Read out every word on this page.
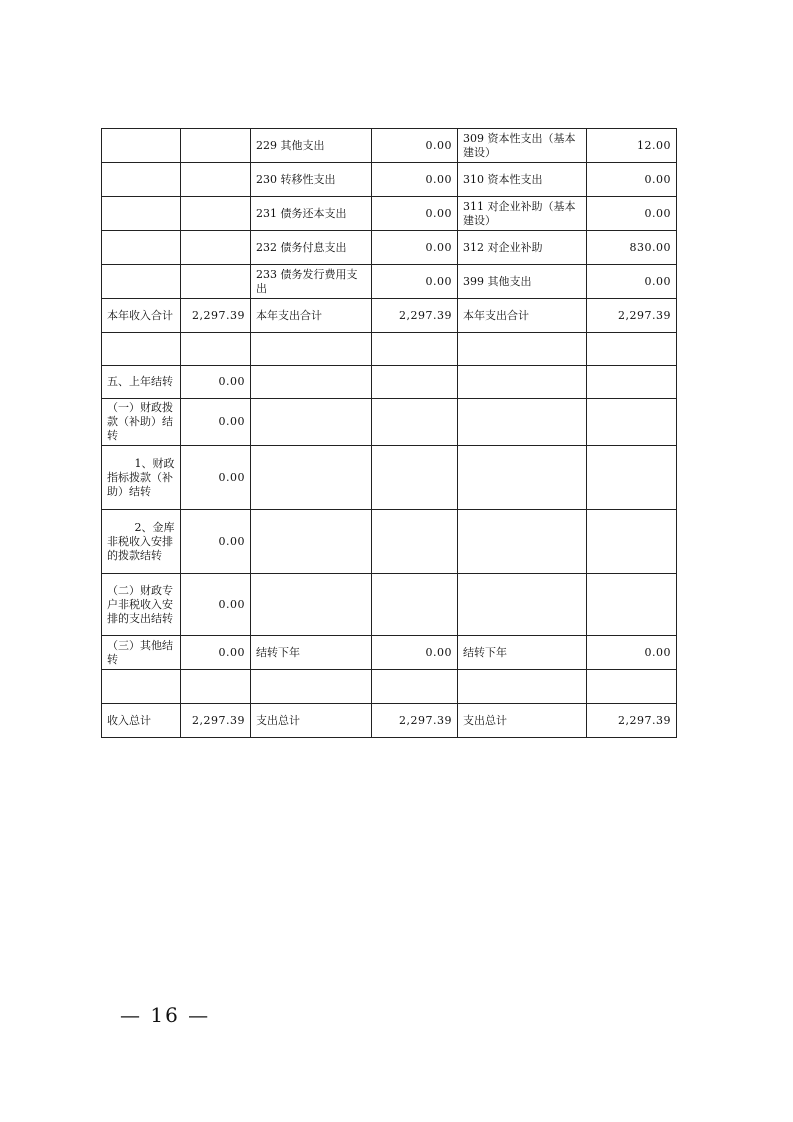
		229 其他支出	0.00	309 资本性支出（基本建设）	12.00
		230 转移性支出	0.00	310 资本性支出	0.00
		231 债务还本支出	0.00	311 对企业补助（基本建设）	0.00
		232 债务付息支出	0.00	312 对企业补助	830.00
		233 债务发行费用支出	0.00	399 其他支出	0.00
本年收入合计	2,297.39	本年支出合计	2,297.39	本年支出合计	2,297.39

五、上年结转	0.00				
（一）财政拨款（补助）结转	0.00				
1、财政指标拨款（补助）结转	0.00				
2、金库非税收入安排的拨款结转	0.00				
（二）财政专户非税收入安排的支出结转	0.00				
（三）其他结转	0.00	结转下年	0.00	结转下年	0.00

收入总计	2,297.39	支出总计	2,297.39	支出总计	2,297.39
— 16 —
